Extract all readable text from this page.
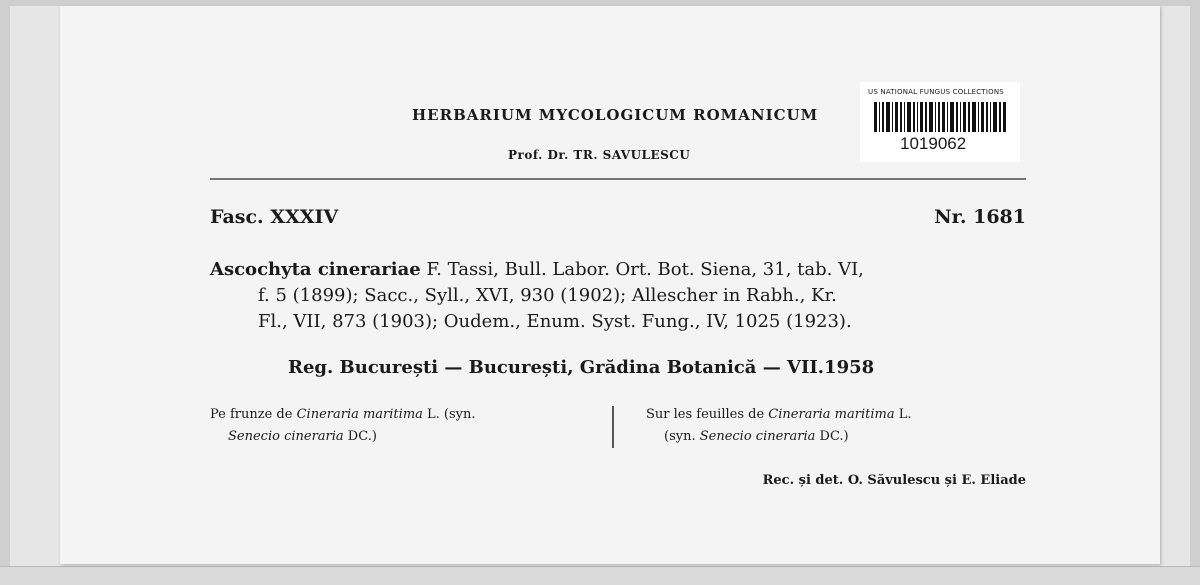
HERBARIUM MYCOLOGICUM ROMANICUM
Prof. Dr. TR. SAVULESCU
US NATIONAL FUNGUS COLLECTIONS
1019062
Fasc. XXXIV	Nr. 1681
Ascochyta cinerariae F. Tassi, Bull. Labor. Ort. Bot. Siena, 31, tab. VI,
f. 5 (1899); Sacc., Syll., XVI, 930 (1902); Allescher in Rabh., Kr.
Fl., VII, 873 (1903); Oudem., Enum. Syst. Fung., IV, 1025 (1923).
Reg. București — București, Grădina Botanică — VII.1958
Pe frunze de Cineraria maritima L. (syn.
Senecio cineraria DC.)
Sur les feuilles de Cineraria maritima L.
(syn. Senecio cineraria DC.)
Rec. și det. O. Săvulescu și E. Eliade
